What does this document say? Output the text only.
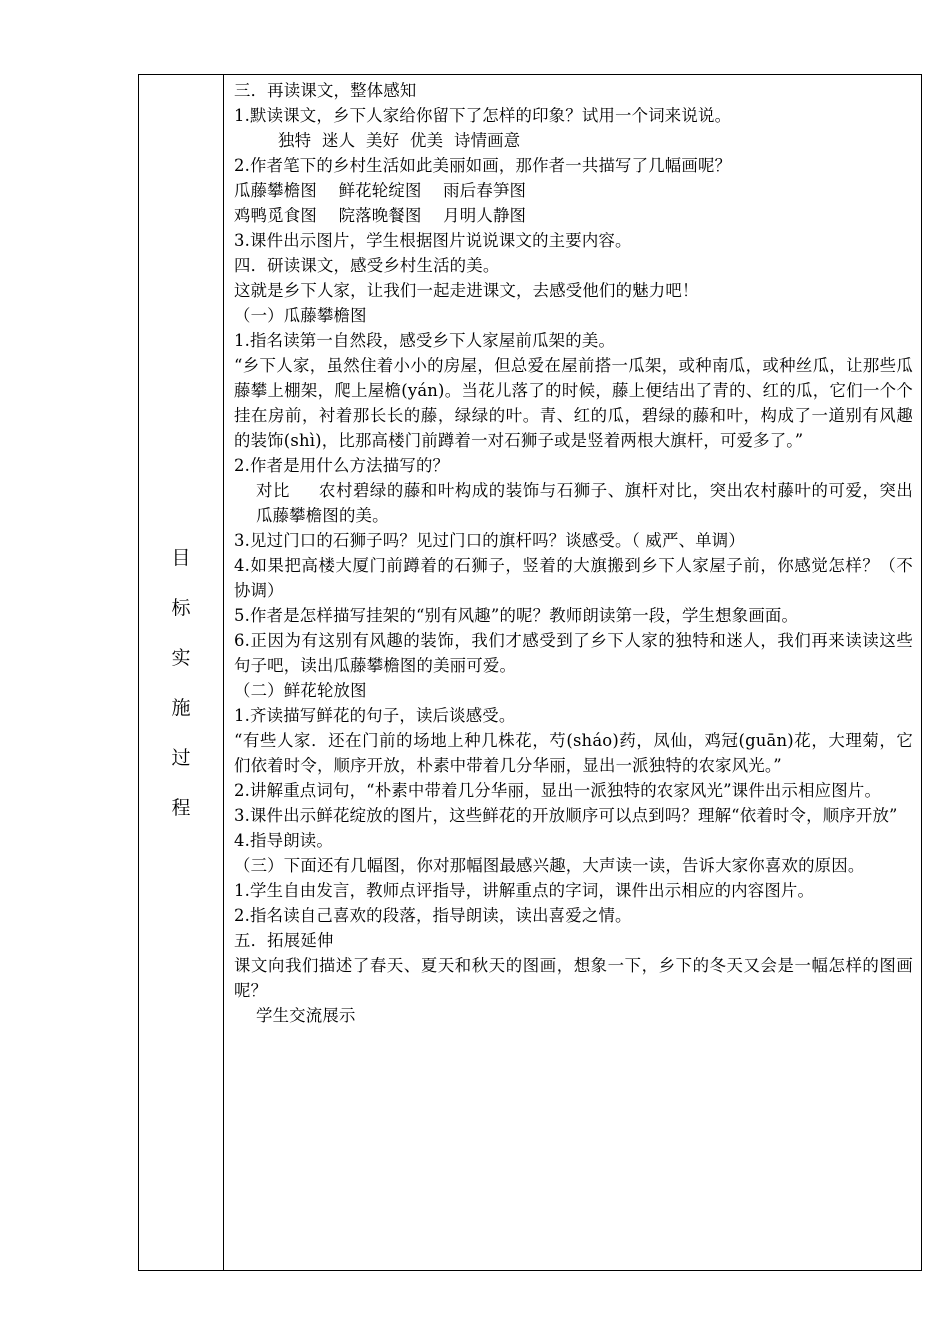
目
标
实
施
过
程
三．再读课文，整体感知
1.默读课文，乡下人家给你留下了怎样的印象？试用一个词来说说。
独特  迷人  美好  优美  诗情画意
2.作者笔下的乡村生活如此美丽如画，那作者一共描写了几幅画呢？
瓜藤攀檐图    鲜花轮绽图    雨后春笋图
鸡鸭觅食图    院落晚餐图    月明人静图
3.课件出示图片，学生根据图片说说课文的主要内容。
四．研读课文，感受乡村生活的美。
这就是乡下人家，让我们一起走进课文，去感受他们的魅力吧！
（一）瓜藤攀檐图
1.指名读第一自然段，感受乡下人家屋前瓜架的美。
“乡下人家，虽然住着小小的房屋，但总爱在屋前搭一瓜架，或种南瓜，或种丝瓜，让那些瓜藤攀上棚架，爬上屋檐(yán)。当花儿落了的时候，藤上便结出了青的、红的瓜，它们一个个挂在房前，衬着那长长的藤，绿绿的叶。青、红的瓜，碧绿的藤和叶，构成了一道别有风趣的装饰(shì)，比那高楼门前蹲着一对石狮子或是竖着两根大旗杆，可爱多了。”
2.作者是用什么方法描写的？
对比     农村碧绿的藤和叶构成的装饰与石狮子、旗杆对比，突出农村藤叶的可爱，突出瓜藤攀檐图的美。
3.见过门口的石狮子吗？见过门口的旗杆吗？谈感受。（ 威严、单调）
4.如果把高楼大厦门前蹲着的石狮子，竖着的大旗搬到乡下人家屋子前，你感觉怎样？（不协调）
5.作者是怎样描写挂架的“别有风趣”的呢？教师朗读第一段，学生想象画面。
6.正因为有这别有风趣的装饰，我们才感受到了乡下人家的独特和迷人，我们再来读读这些句子吧，读出瓜藤攀檐图的美丽可爱。
（二）鲜花轮放图
1.齐读描写鲜花的句子，读后谈感受。
“有些人家．还在门前的场地上种几株花，芍(sháo)药，凤仙，鸡冠(guān)花，大理菊，它们依着时令，顺序开放，朴素中带着几分华丽，显出一派独特的农家风光。”
2.讲解重点词句，“朴素中带着几分华丽，显出一派独特的农家风光”课件出示相应图片。
3.课件出示鲜花绽放的图片，这些鲜花的开放顺序可以点到吗？理解“依着时令，顺序开放”
4.指导朗读。
（三）下面还有几幅图，你对那幅图最感兴趣，大声读一读，告诉大家你喜欢的原因。
1.学生自由发言，教师点评指导，讲解重点的字词，课件出示相应的内容图片。
2.指名读自己喜欢的段落，指导朗读，读出喜爱之情。
五．拓展延伸
课文向我们描述了春天、夏天和秋天的图画，想象一下，乡下的冬天又会是一幅怎样的图画呢？
学生交流展示
